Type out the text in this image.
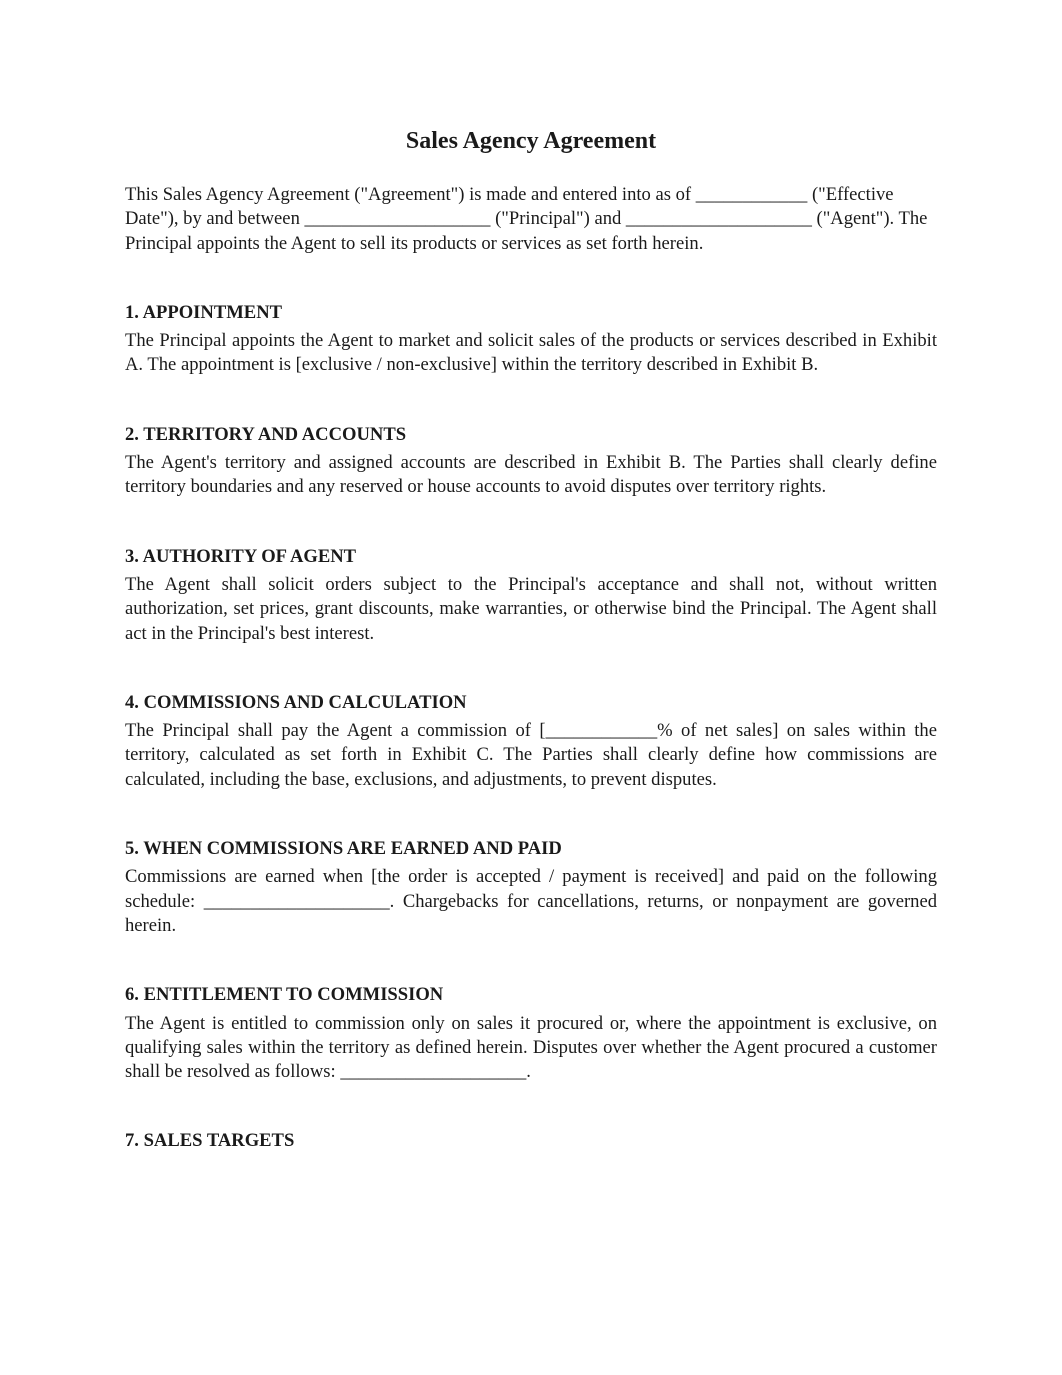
Sales Agency Agreement

This Sales Agency Agreement ("Agreement") is made and entered into as of ____________ ("Effective Date"), by and between ____________________ ("Principal") and ____________________ ("Agent"). The Principal appoints the Agent to sell its products or services as set forth herein.

1. APPOINTMENT

The Principal appoints the Agent to market and solicit sales of the products or services described in Exhibit A. The appointment is [exclusive / non-exclusive] within the territory described in Exhibit B.

2. TERRITORY AND ACCOUNTS

The Agent's territory and assigned accounts are described in Exhibit B. The Parties shall clearly define territory boundaries and any reserved or house accounts to avoid disputes over territory rights.

3. AUTHORITY OF AGENT

The Agent shall solicit orders subject to the Principal's acceptance and shall not, without written authorization, set prices, grant discounts, make warranties, or otherwise bind the Principal. The Agent shall act in the Principal's best interest.

4. COMMISSIONS AND CALCULATION

The Principal shall pay the Agent a commission of [____________% of net sales] on sales within the territory, calculated as set forth in Exhibit C. The Parties shall clearly define how commissions are calculated, including the base, exclusions, and adjustments, to prevent disputes.

5. WHEN COMMISSIONS ARE EARNED AND PAID

Commissions are earned when [the order is accepted / payment is received] and paid on the following schedule: ____________________. Chargebacks for cancellations, returns, or nonpayment are governed herein.

6. ENTITLEMENT TO COMMISSION

The Agent is entitled to commission only on sales it procured or, where the appointment is exclusive, on qualifying sales within the territory as defined herein. Disputes over whether the Agent procured a customer shall be resolved as follows: ____________________.

7. SALES TARGETS
